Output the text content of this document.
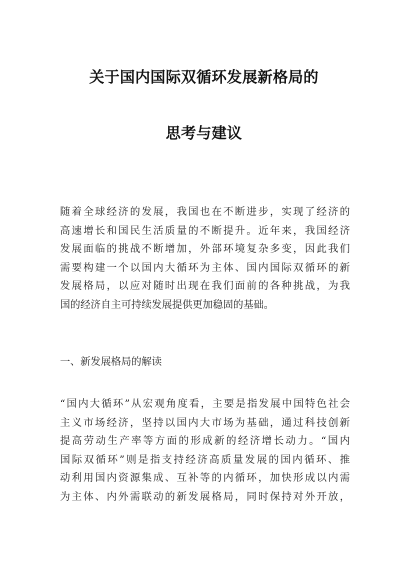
关于国内国际双循环发展新格局的
思考与建议
随着全球经济的发展，我国也在不断进步，实现了经济的
高速增长和国民生活质量的不断提升。近年来，我国经济
发展面临的挑战不断增加，外部环境复杂多变，因此我们
需要构建一个以国内大循环为主体、国内国际双循环的新
发展格局，以应对随时出现在我们面前的各种挑战，为我
国的经济自主可持续发展提供更加稳固的基础。
一、新发展格局的解读
“国内大循环”从宏观角度看，主要是指发展中国特色社会
主义市场经济，坚持以国内大市场为基础，通过科技创新
提高劳动生产率等方面的形成新的经济增长动力。“国内
国际双循环”则是指支持经济高质量发展的国内循环、推
动利用国内资源集成、互补等的内循环，加快形成以内需
为主体、内外需联动的新发展格局，同时保持对外开放，
